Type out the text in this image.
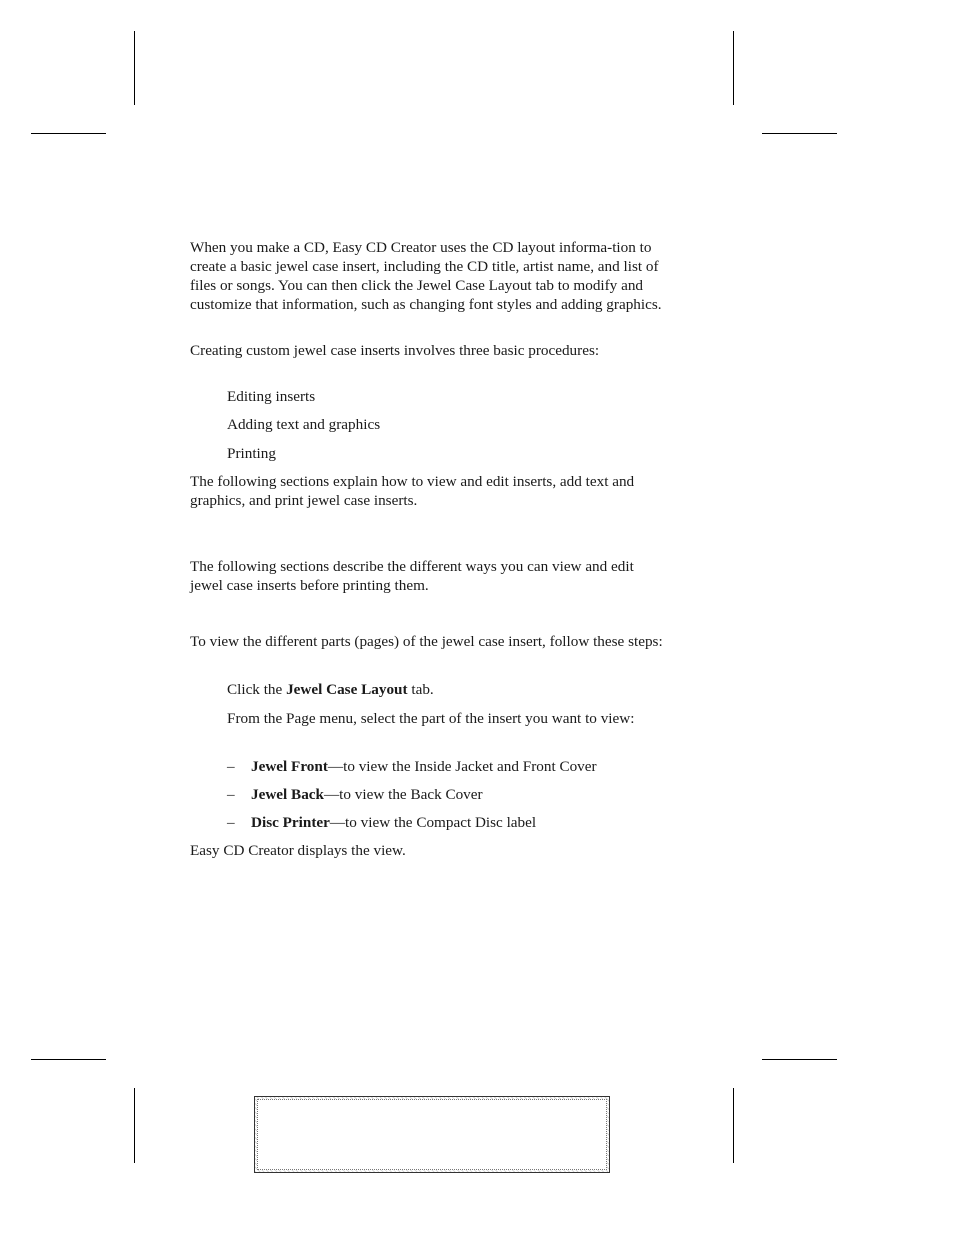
When you make a CD, Easy CD Creator uses the CD layout informa-tion to create a basic jewel case insert, including the CD title, artist name, and list of files or songs. You can then click the Jewel Case Layout tab to modify and customize that information, such as changing font styles and adding graphics.

Creating custom jewel case inserts involves three basic procedures:

Editing inserts

Adding text and graphics

Printing

The following sections explain how to view and edit inserts, add text and graphics, and print jewel case inserts.

The following sections describe the different ways you can view and edit jewel case inserts before printing them.

To view the different parts (pages) of the jewel case insert, follow these steps:

Click the Jewel Case Layout tab.

From the Page menu, select the part of the insert you want to view:

– Jewel Front—to view the Inside Jacket and Front Cover
– Jewel Back—to view the Back Cover
– Disc Printer—to view the Compact Disc label

Easy CD Creator displays the view.
